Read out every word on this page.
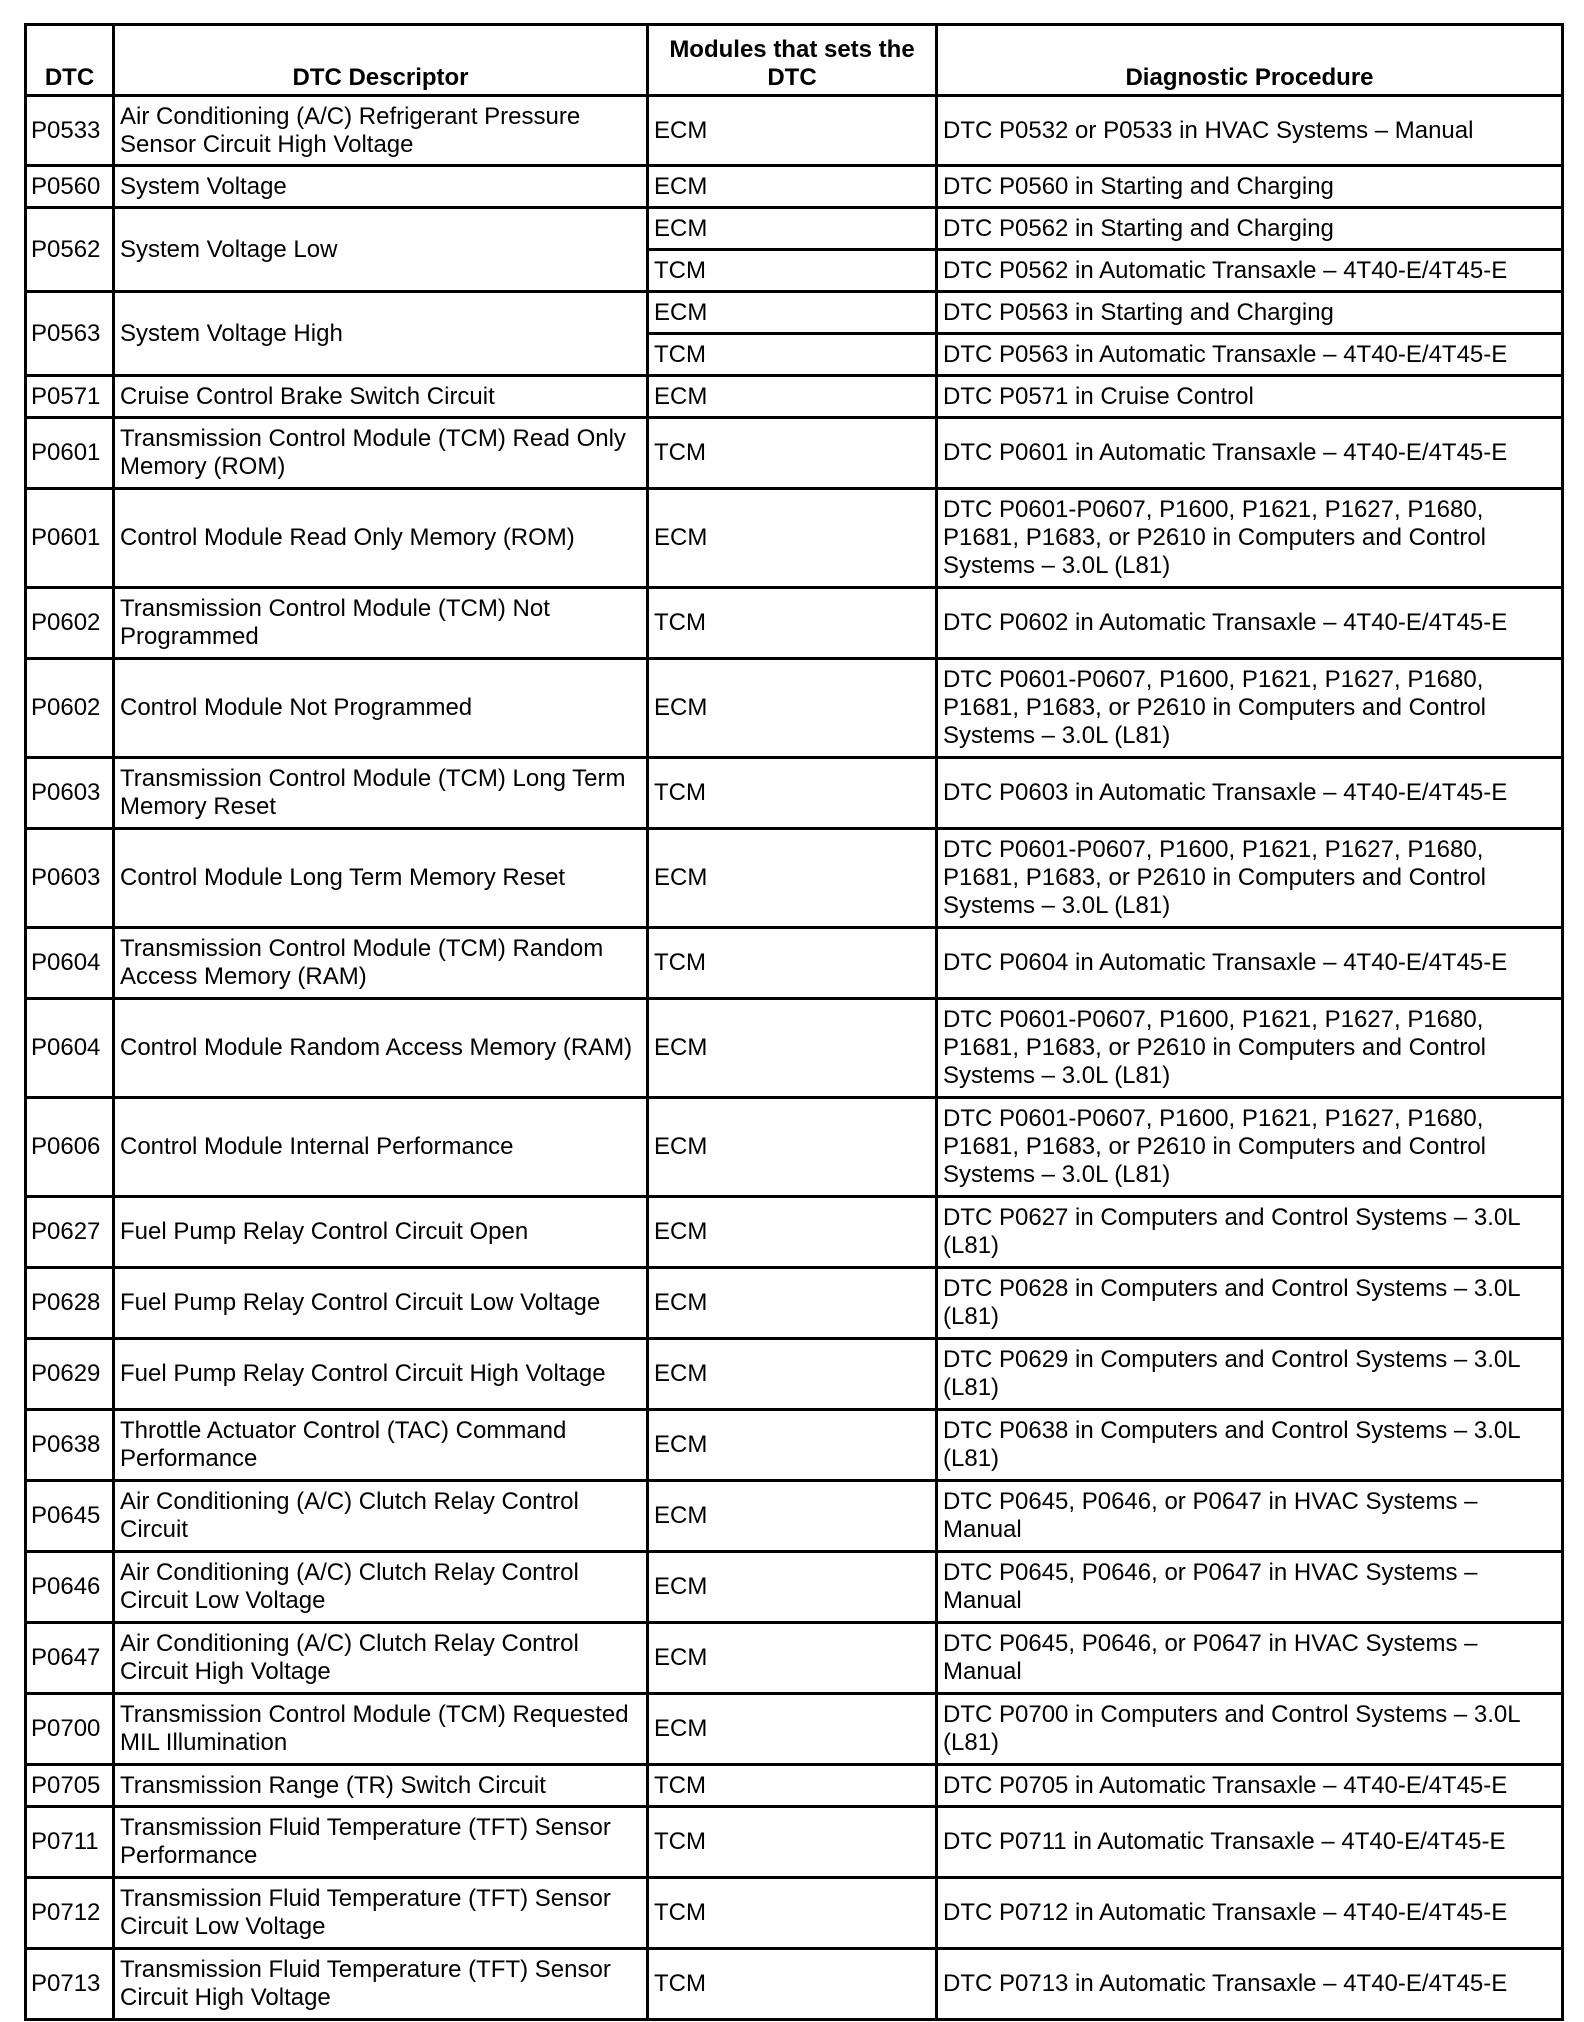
DTC	DTC Descriptor	Modules that sets the DTC	Diagnostic Procedure
P0533	Air Conditioning (A/C) Refrigerant Pressure Sensor Circuit High Voltage	ECM	DTC P0532 or P0533 in HVAC Systems – Manual
P0560	System Voltage	ECM	DTC P0560 in Starting and Charging
P0562	System Voltage Low	ECM	DTC P0562 in Starting and Charging
		TCM	DTC P0562 in Automatic Transaxle – 4T40-E/4T45-E
P0563	System Voltage High	ECM	DTC P0563 in Starting and Charging
		TCM	DTC P0563 in Automatic Transaxle – 4T40-E/4T45-E
P0571	Cruise Control Brake Switch Circuit	ECM	DTC P0571 in Cruise Control
P0601	Transmission Control Module (TCM) Read Only Memory (ROM)	TCM	DTC P0601 in Automatic Transaxle – 4T40-E/4T45-E
P0601	Control Module Read Only Memory (ROM)	ECM	DTC P0601-P0607, P1600, P1621, P1627, P1680, P1681, P1683, or P2610 in Computers and Control Systems – 3.0L (L81)
P0602	Transmission Control Module (TCM) Not Programmed	TCM	DTC P0602 in Automatic Transaxle – 4T40-E/4T45-E
P0602	Control Module Not Programmed	ECM	DTC P0601-P0607, P1600, P1621, P1627, P1680, P1681, P1683, or P2610 in Computers and Control Systems – 3.0L (L81)
P0603	Transmission Control Module (TCM) Long Term Memory Reset	TCM	DTC P0603 in Automatic Transaxle – 4T40-E/4T45-E
P0603	Control Module Long Term Memory Reset	ECM	DTC P0601-P0607, P1600, P1621, P1627, P1680, P1681, P1683, or P2610 in Computers and Control Systems – 3.0L (L81)
P0604	Transmission Control Module (TCM) Random Access Memory (RAM)	TCM	DTC P0604 in Automatic Transaxle – 4T40-E/4T45-E
P0604	Control Module Random Access Memory (RAM)	ECM	DTC P0601-P0607, P1600, P1621, P1627, P1680, P1681, P1683, or P2610 in Computers and Control Systems – 3.0L (L81)
P0606	Control Module Internal Performance	ECM	DTC P0601-P0607, P1600, P1621, P1627, P1680, P1681, P1683, or P2610 in Computers and Control Systems – 3.0L (L81)
P0627	Fuel Pump Relay Control Circuit Open	ECM	DTC P0627 in Computers and Control Systems – 3.0L (L81)
P0628	Fuel Pump Relay Control Circuit Low Voltage	ECM	DTC P0628 in Computers and Control Systems – 3.0L (L81)
P0629	Fuel Pump Relay Control Circuit High Voltage	ECM	DTC P0629 in Computers and Control Systems – 3.0L (L81)
P0638	Throttle Actuator Control (TAC) Command Performance	ECM	DTC P0638 in Computers and Control Systems – 3.0L (L81)
P0645	Air Conditioning (A/C) Clutch Relay Control Circuit	ECM	DTC P0645, P0646, or P0647 in HVAC Systems – Manual
P0646	Air Conditioning (A/C) Clutch Relay Control Circuit Low Voltage	ECM	DTC P0645, P0646, or P0647 in HVAC Systems – Manual
P0647	Air Conditioning (A/C) Clutch Relay Control Circuit High Voltage	ECM	DTC P0645, P0646, or P0647 in HVAC Systems – Manual
P0700	Transmission Control Module (TCM) Requested MIL Illumination	ECM	DTC P0700 in Computers and Control Systems – 3.0L (L81)
P0705	Transmission Range (TR) Switch Circuit	TCM	DTC P0705 in Automatic Transaxle – 4T40-E/4T45-E
P0711	Transmission Fluid Temperature (TFT) Sensor Performance	TCM	DTC P0711 in Automatic Transaxle – 4T40-E/4T45-E
P0712	Transmission Fluid Temperature (TFT) Sensor Circuit Low Voltage	TCM	DTC P0712 in Automatic Transaxle – 4T40-E/4T45-E
P0713	Transmission Fluid Temperature (TFT) Sensor Circuit High Voltage	TCM	DTC P0713 in Automatic Transaxle – 4T40-E/4T45-E
